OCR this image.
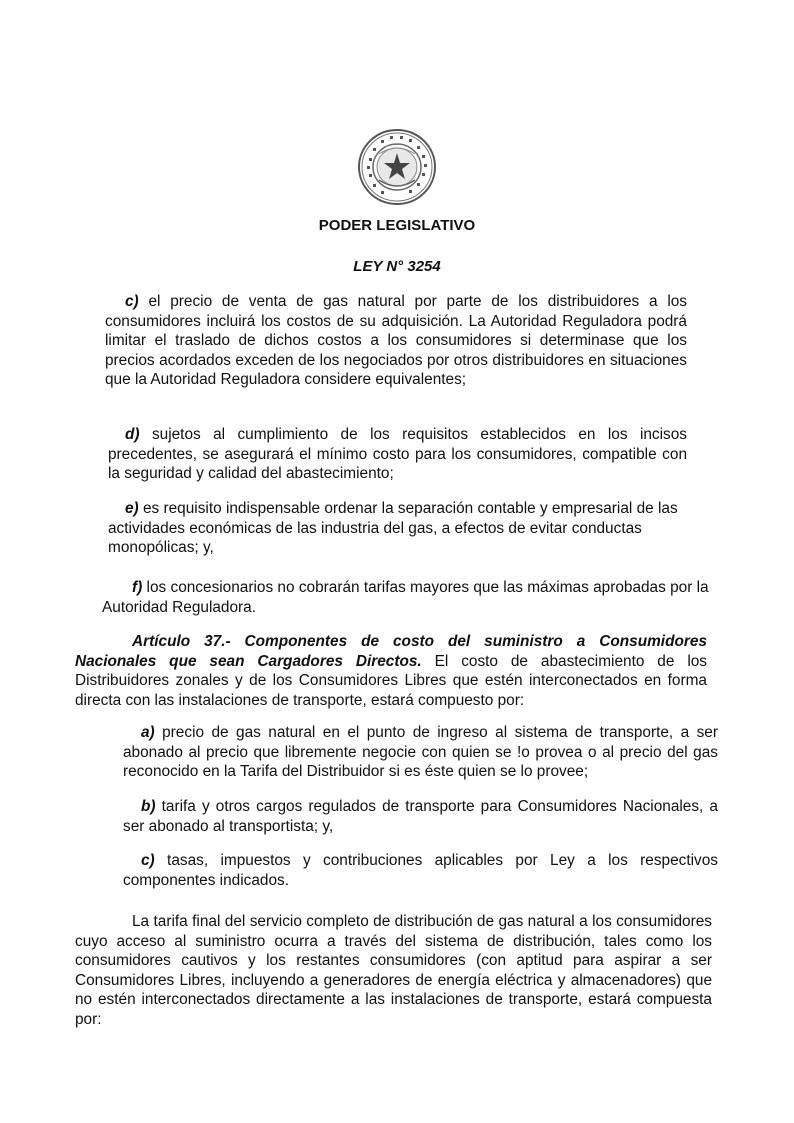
PODER LEGISLATIVO
LEY N° 3254

c) el precio de venta de gas natural por parte de los distribuidores a los consumidores incluirá los costos de su adquisición. La Autoridad Reguladora podrá limitar el traslado de dichos costos a los consumidores si determinase que los precios acordados exceden de los negociados por otros distribuidores en situaciones que la Autoridad Reguladora considere equivalentes;

d) sujetos al cumplimiento de los requisitos establecidos en los incisos precedentes, se asegurará el mínimo costo para los consumidores, compatible con la seguridad y calidad del abastecimiento;

e) es requisito indispensable ordenar la separación contable y empresarial de las actividades económicas de las industria del gas, a efectos de evitar conductas monopólicas; y,

f) los concesionarios no cobrarán tarifas mayores que las máximas aprobadas por la Autoridad Reguladora.

Artículo 37.- Componentes de costo del suministro a Consumidores Nacionales que sean Cargadores Directos. El costo de abastecimiento de los Distribuidores zonales y de los Consumidores Libres que estén interconectados en forma directa con las instalaciones de transporte, estará compuesto por:

a) precio de gas natural en el punto de ingreso al sistema de transporte, a ser abonado al precio que libremente negocie con quien se !o provea o al precio del gas reconocido en la Tarifa del Distribuidor si es éste quien se lo provee;

b) tarifa y otros cargos regulados de transporte para Consumidores Nacionales, a ser abonado al transportista; y,

c) tasas, impuestos y contribuciones aplicables por Ley a los respectivos componentes indicados.

La tarifa final del servicio completo de distribución de gas natural a los consumidores cuyo acceso al suministro ocurra a través del sistema de distribución, tales como los consumidores cautivos y los restantes consumidores (con aptitud para aspirar a ser Consumidores Libres, incluyendo a generadores de energía eléctrica y almacenadores) que no estén interconectados directamente a las instalaciones de transporte, estará compuesta por:
